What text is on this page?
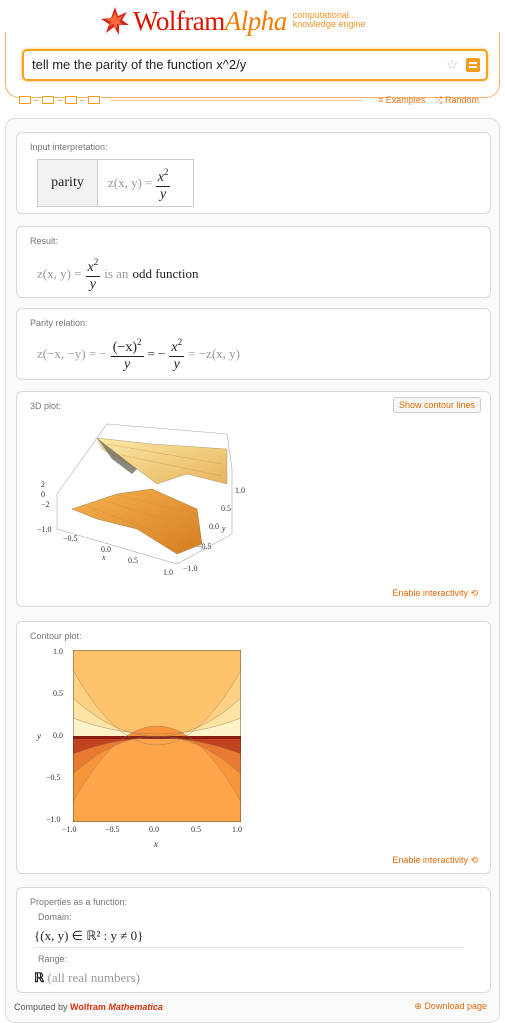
WolframAlpha computational..
knowledge engine
tell me the parity of the function x^2/y	☆
≡ Examples	⤮ Random
Input interpretation:
parity	z(x, y) =
$\frac{x^2}{y}$
Result:
z(x, $y) = \frac{x^2}{y}$ is an odd function
Parity relation:
z(−x, −y) = − $\frac{(-x)^2}{y}$ = − $\frac{x^2}{y} = -z(x$, y)
3D plot:	Show contour lines
2
0
−2
−1.0
−0.5
0.0
x	0.5
1.0
1.0
0.5
0.0 y
−0.5
−1.0
Enable interactivity ⟲
Contour plot:
1.0
0.5
0.0
−0.5
−1.0
y
−1.0	−0.5	0.0	0.5	1.0
x
Enable interactivity ⟲
Properties as a function:
Domain:
{(x, y) ∈ ℝ² : y ≠ 0}
Range:
ℝ (all real numbers)
Computed by Wolfram Mathematica	⊕ Download page
